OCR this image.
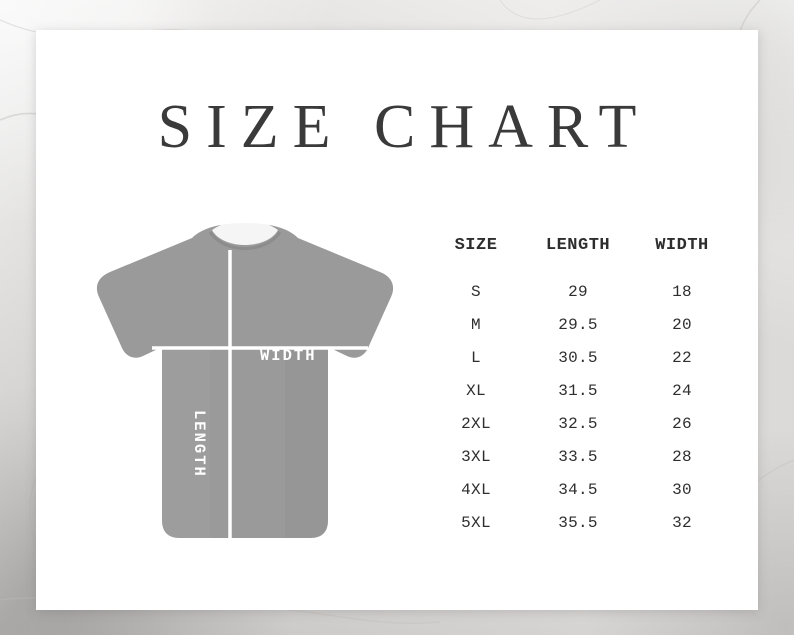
SIZE CHART
WIDTH
LENGTH
SIZE	LENGTH	WIDTH
S	29	18
M	29.5	20
L	30.5	22
XL	31.5	24
2XL	32.5	26
3XL	33.5	28
4XL	34.5	30
5XL	35.5	32
